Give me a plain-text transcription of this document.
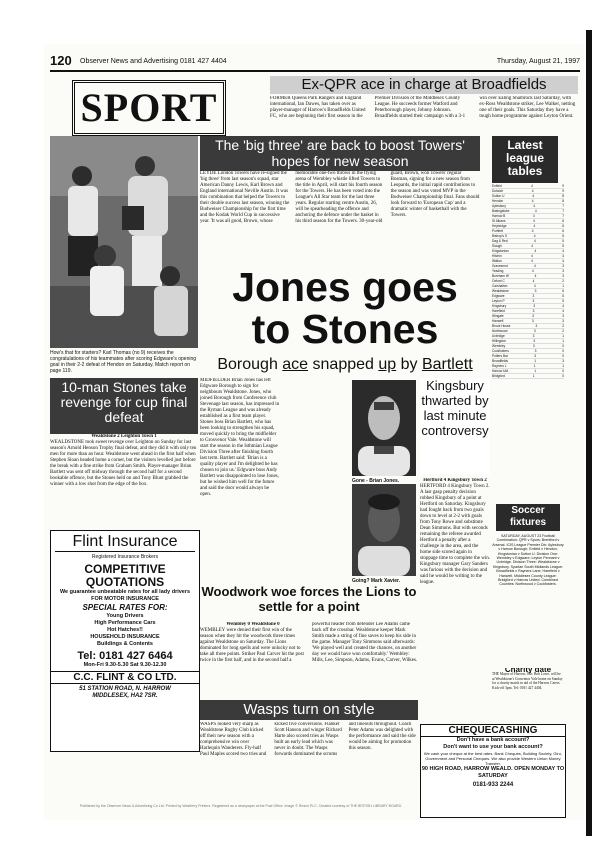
120 Observer News and Advertising 0181 427 4404	Thursday, August 21, 1997
SPORT
Ex-QPR ace in charge at Broadfields
FORMER Queens Park Rangers and England international, Ian Dawes, has taken over as player-manager of Harrow's Broadfields United FC, who are beginning their first season in the Premier Division of the Middlesex County League. He succeeds former Watford and Peterborough player, Johnny Johnson. Broadfields started their campaign with a 3-1 win over Ealing Shamrock last Saturday, with ex-Ross Wealdstone striker, Lee Walker, netting one of their goals. This Saturday they have a tough home programme against Leyton Orient.
The 'big three' are back to boost Towers' hopes for new season
LEYDE London Towers have re-signed the 'big three' from last season's squad, star American Danny Lewis, Karl Brown and England international Neville Austin. It was this combination that helped the Towers to their double success last season, winning the Budweiser Championship for the first time and the Kodak World Cup in successive year. 'It was all good, Brown, whose memorable one-two throws in the flying arena of Wembley whistle lifted Towers to the title in April, will start his fourth season for the Towers. He has been voted into the League's All Star team for the last three years. Regular starting centre Austin, 26, will be spearheading the offence and anchoring the defence under the basket in his third season for the Towers. 30-year-old guard, Brown, won Towers' regular Bosman, signing for a new season from Leopards, the initial rapid contributions to the season and was voted MVP in the Budweiser Championship final. Fans should look forward to 'European Cup' and a dramatic winter of basketball with the Towers.
Jones goes
to Stones
How's that for starters? Karl Thomas (no 9) receives the congratulations of his teammates after scoring Edgware's opening goal in their 2-2 defeat of Hendon on Saturday. Match report on page 119.	Borough ace snapped up by Bartlett
10-man Stones take revenge for cup final defeat

Wealdstone 2 Leighton Town 1

WEALDSTONE took sweet revenge over Leighton on Sunday for last season's Arnold Henson Trophy final defeat, and they did it with only ten men for more than an hour. Wealdstone went ahead in the first half when Stephen Sloan headed home a corner, but the visitors levelled just before the break with a fine strike from Graham Smith. Player-manager Brian Bartlett was sent off midway through the second half for a second bookable offence, but the Stones held on and Tony Blunt grabbed the winner with a low shot from the edge of the box.

MIDFIELDER Brian Jones has left Edgware Borough to sign for neighbours Wealdstone. Jones, who joined Borough from Conference club Stevenage last season, has impressed in the Ryman League and was already established as a first team player. Stones boss Brian Bartlett, who has been looking to strengthen his squad, moved quickly to bring the midfielder to Grosvenor Vale. Wealdstone will start the season in the Isthmian League Division Three after finishing fourth last term. Bartlett said: 'Brian is a quality player and I'm delighted he has chosen to join us.' Edgware boss Andy Bartlett was disappointed to lose Jones, but he wished him well for the future and said the door would always be open.
Gone - Brian Jones.
Going? Mark Xavier.
Kingsbury thwarted by last minute controversy

Hertford 4 Kingsbury Town 2

HERTFORD 4 Kingsbury Town 2. A last gasp penalty decision robbed Kingsbury of a point at Hertford on Saturday. Kingsbury had fought back from two goals down to level at 2-2 with goals from Tony Rowe and substitute Dean Simmons. But with seconds remaining the referee awarded Hertford a penalty after a challenge in the area, and the home side scored again in stoppage time to complete the win. Kingsbury manager Gary Sanders was furious with the decision and said he would be writing to the league.

Latest league tables
Enfield	4	9
Dulwich	4	9
Sutton U	4	8
Hendon	4	8
Aylesbury	4	7
Basingstoke	4	7
Harrow B	4	7
St Albans	4	6
Heybridge	4	6
Purfleet	4	6
Bishop's S	4	5
Dag & Red	4	5
Slough	4	5
Kingstonian	4	4
Hitchin	4	4
Walton	4	4
Gravesend	4	3
Yeading	4	3
Boreham W	4	3
Oxford C	4	2
Carshalton	4	1
Wealdstone	3	6
Edgware	3	6
Leyton P	3	5
Kingsbury	3	4
Harefield	3	4
Wingate	3	3
Hanwell	3	3
Brook House	3	2
Northwood	3	2
Uxbridge	3	1
Hillingdon	3	1
Wembley	3	0
Cockfosters	3	0
Potters Bar	3	0
Broadfields	1	3
Rayners L	1	1
Harrow Utd	1	0
Bridgford	1	0
Soccer fixtures
SATURDAY, AUGUST 23 Football Combination: QPR v Spurs; Brentford v Arsenal. ICIS League Premier Div: Aylesbury v Harrow Borough; Enfield v Hendon; Kingstonian v Sutton U. Division One: Wembley v Edgware; Leyton Pennant v Uxbridge. Division Three: Wealdstone v Kingsbury. Spartan South Midlands League: Broadfields v Rayners Lane; Harefield v Hanwell. Middlesex County League: Bridgford v Harrow United. Combined Counties: Northwood v Cockfosters.
Charity date

THE Mayor of Harrow, Cllr. Bob Lowe, will be at Wealdstone's Grosvenor Vale home on Sunday for a charity match in aid of the Harrow Carers. Kick-off 3pm. Tel: 0181 427 4404.

Flint Insurance
Registered Insurance Brokers
COMPETITIVE QUOTATIONS
We guarantee unbeatable rates for all lady drivers
FOR MOTOR INSURANCE
SPECIAL RATES FOR:
Young Drivers
High Performance Cars
Hot Hatches!!
HOUSEHOLD INSURANCE
Buildings & Contents
Tel: 0181 427 6464
Mon-Fri 9.30-5.30 Sat 9.30-12.30
C.C. FLINT & CO LTD.
51 STATION ROAD, N. HARROW
MIDDLESEX, HA2 7SR.
Woodwork woe forces the Lions to settle for a point

Wembley 0 Wealdstone 0

WEMBLEY were denied their first win of the season when they hit the woodwork three times against Wealdstone on Saturday. The Lions dominated for long spells and were unlucky not to take all three points. Striker Paul Carver hit the post twice in the first half, and in the second half a powerful header from defender Lee Adams came back off the crossbar. Wealdstone keeper Mark Smith made a string of fine saves to keep his side in the game. Manager Tony Simmons said afterwards: 'We played well and created the chances, on another day we would have won comfortably.' Wembley: Mills, Lee, Simpson, Adams, Evans, Carver, Wilkes.

Wasps turn on style
WASPS looked very sharp as Wealdstone Rugby Club kicked off their new season with a comprehensive win over Harlequin Wanderers. Fly-half Paul Maples scored two tries and kicked five conversions. Flanker Scott Hanson and winger Richard Harte also scored tries as Wasps built an early lead which was never in doubt. The Wasps forwards dominated the scrums and lineouts throughout. Coach Peter Adams was delighted with the performance and said the side would be aiming for promotion this season.
CHEQUECASHING
Don't have a bank account?
Don't want to use your bank account?
We cash your cheque at the best rates. Bank Cheques, Building Society, Giro, Government and Personal Cheques. We also provide Western Union Money Transfer.
90 HIGH ROAD, HARROW WEALD. OPEN MONDAY TO SATURDAY
0181-933 2244
Published by the Observer News & Advertising Co Ltd. Printed by Westferry Printers. Registered as a newspaper at the Post Office. Image © Reach PLC. Created courtesy of THE BRITISH LIBRARY BOARD.
